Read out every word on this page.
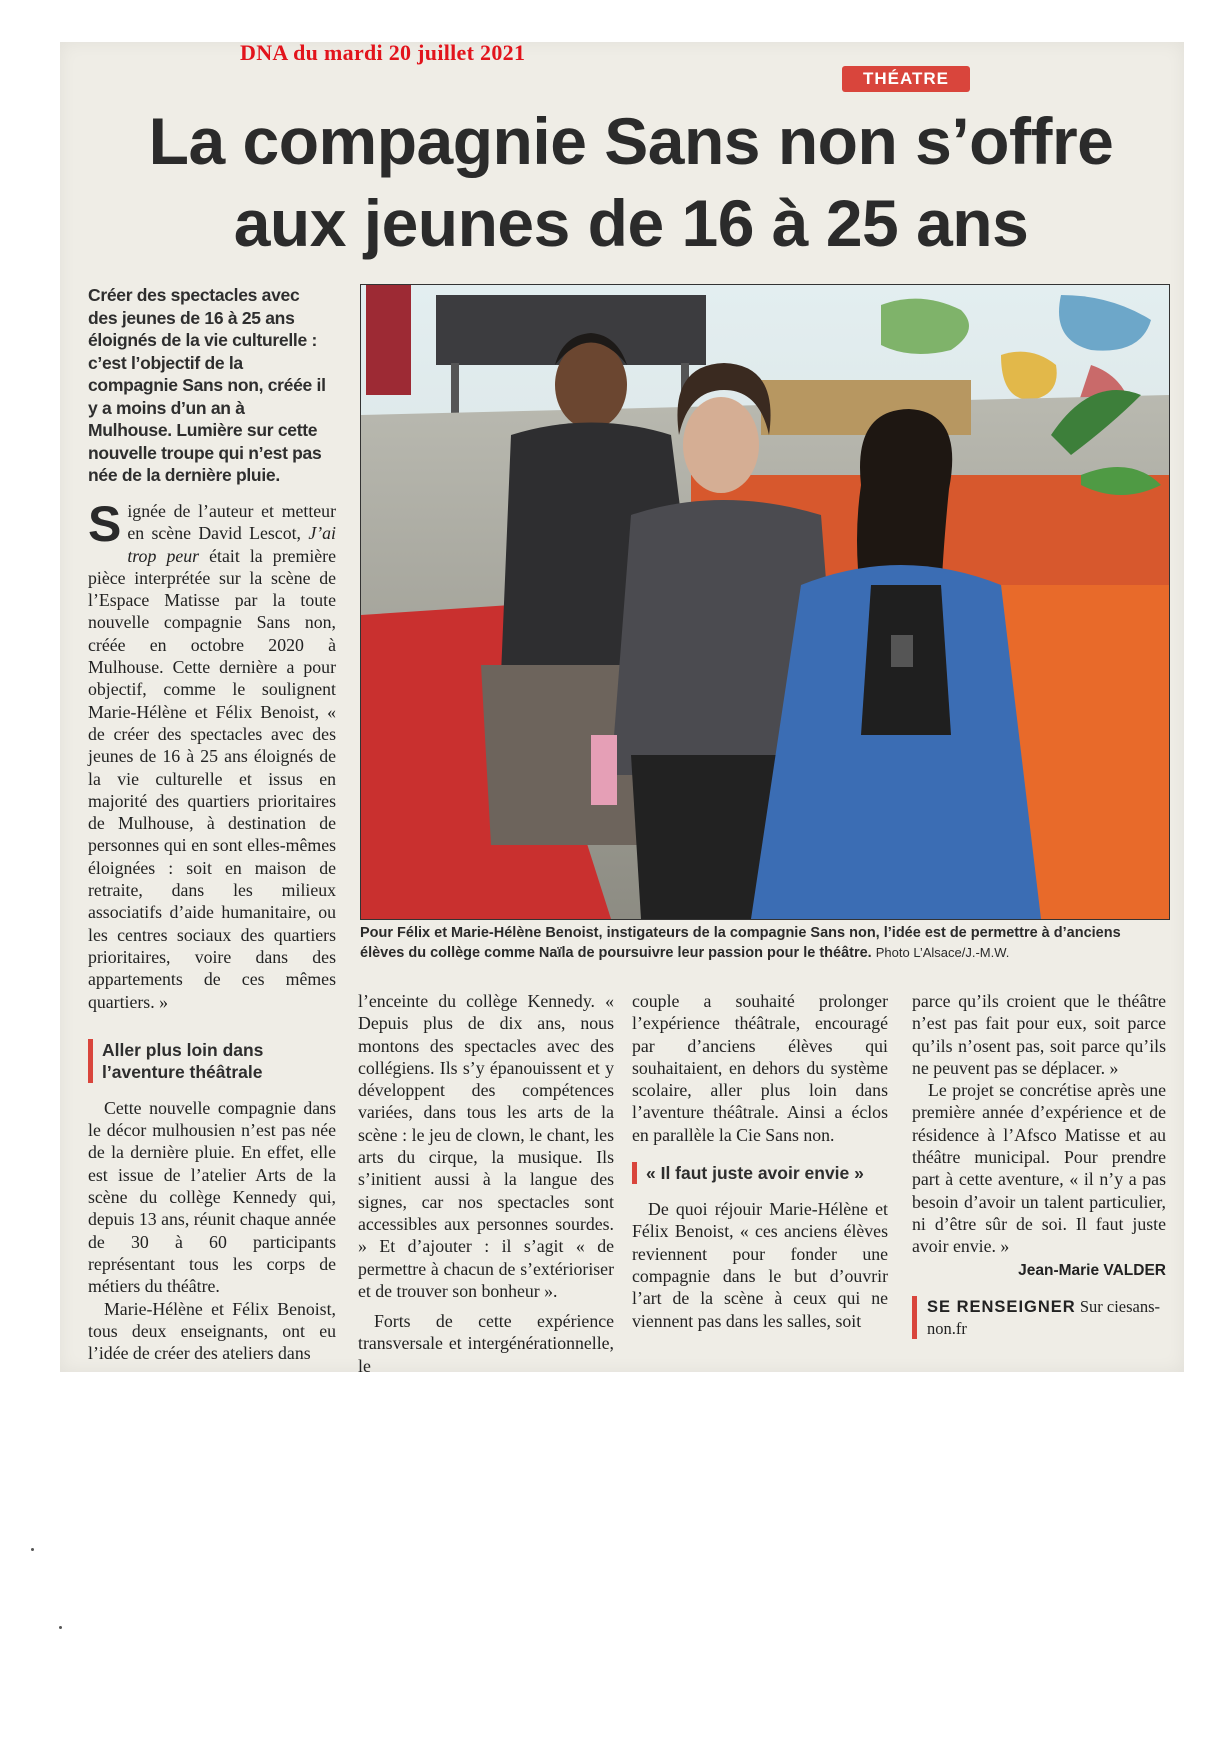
DNA du mardi 20 juillet 2021
THÉATRE
La compagnie Sans non s’offre
aux jeunes de 16 à 25 ans
Créer des spectacles avec des jeunes de 16 à 25 ans éloignés de la vie culturelle : c’est l’objectif de la compagnie Sans non, créée il y a moins d’un an à Mulhouse. Lumière sur cette nouvelle troupe qui n’est pas née de la dernière pluie.

Signée de l’auteur et metteur en scène David Lescot, J’ai trop peur était la première pièce interprétée sur la scène de l’Espace Matisse par la toute nouvelle compagnie Sans non, créée en octobre 2020 à Mulhouse. Cette dernière a pour objectif, comme le soulignent Marie-Hélène et Félix Benoist, « de créer des spectacles avec des jeunes de 16 à 25 ans éloignés de la vie culturelle et issus en majorité des quartiers prioritaires de Mulhouse, à destination de personnes qui en sont elles-mêmes éloignées : soit en maison de retraite, dans les milieux associatifs d’aide humanitaire, ou les centres sociaux des quartiers prioritaires, voire dans des appartements de ces mêmes quartiers. »

Aller plus loin dans l’aventure théâtrale

Cette nouvelle compagnie dans le décor mulhousien n’est pas née de la dernière pluie. En effet, elle est issue de l’atelier Arts de la scène du collège Kennedy qui, depuis 13 ans, réunit chaque année de 30 à 60 participants représentant tous les corps de métiers du théâtre.

Marie-Hélène et Félix Benoist, tous deux enseignants, ont eu l’idée de créer des ateliers dans

Pour Félix et Marie-Hélène Benoist, instigateurs de la compagnie Sans non, l’idée est de permettre à d’anciens élèves du collège comme Naïla de poursuivre leur passion pour le théâtre. Photo L’Alsace/J.-M.W.

l’enceinte du collège Kennedy. « Depuis plus de dix ans, nous montons des spectacles avec des collégiens. Ils s’y épanouissent et y développent des compétences variées, dans tous les arts de la scène : le jeu de clown, le chant, les arts du cirque, la musique. Ils s’initient aussi à la langue des signes, car nos spectacles sont accessibles aux personnes sourdes. » Et d’ajouter : il s’agit « de permettre à chacun de s’extérioriser et de trouver son bonheur ».

Forts de cette expérience transversale et intergénérationnelle, le

couple a souhaité prolonger l’expérience théâtrale, encouragé par d’anciens élèves qui souhaitaient, en dehors du système scolaire, aller plus loin dans l’aventure théâtrale. Ainsi a éclos en parallèle la Cie Sans non.

« Il faut juste avoir envie »

De quoi réjouir Marie-Hélène et Félix Benoist, « ces anciens élèves reviennent pour fonder une compagnie dans le but d’ouvrir l’art de la scène à ceux qui ne viennent pas dans les salles, soit

parce qu’ils croient que le théâtre n’est pas fait pour eux, soit parce qu’ils n’osent pas, soit parce qu’ils ne peuvent pas se déplacer. »

Le projet se concrétise après une première année d’expérience et de résidence à l’Afsco Matisse et au théâtre municipal. Pour prendre part à cette aventure, « il n’y a pas besoin d’avoir un talent particulier, ni d’être sûr de soi. Il faut juste avoir envie. »

Jean-Marie VALDER
SE RENSEIGNER Sur ciesans-non.fr
